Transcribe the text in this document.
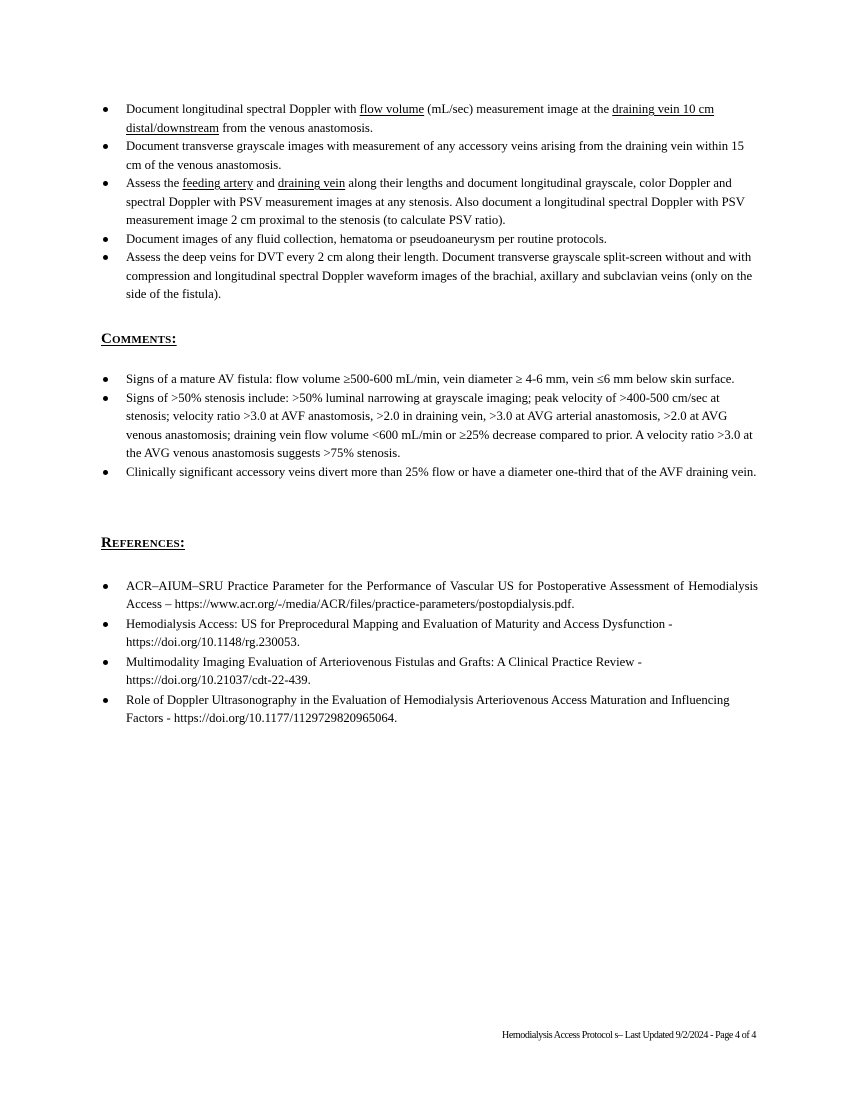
Document longitudinal spectral Doppler with flow volume (mL/sec) measurement image at the draining vein 10 cm distal/downstream from the venous anastomosis.
Document transverse grayscale images with measurement of any accessory veins arising from the draining vein within 15 cm of the venous anastomosis.
Assess the feeding artery and draining vein along their lengths and document longitudinal grayscale, color Doppler and spectral Doppler with PSV measurement images at any stenosis. Also document a longitudinal spectral Doppler with PSV measurement image 2 cm proximal to the stenosis (to calculate PSV ratio).
Document images of any fluid collection, hematoma or pseudoaneurysm per routine protocols.
Assess the deep veins for DVT every 2 cm along their length. Document transverse grayscale split-screen without and with compression and longitudinal spectral Doppler waveform images of the brachial, axillary and subclavian veins (only on the side of the fistula).
Comments:
Signs of a mature AV fistula: flow volume ≥500-600 mL/min, vein diameter ≥ 4-6 mm, vein ≤6 mm below skin surface.
Signs of >50% stenosis include: >50% luminal narrowing at grayscale imaging; peak velocity of >400-500 cm/sec at stenosis; velocity ratio >3.0 at AVF anastomosis, >2.0 in draining vein, >3.0 at AVG arterial anastomosis, >2.0 at AVG venous anastomosis; draining vein flow volume <600 mL/min or ≥25% decrease compared to prior. A velocity ratio >3.0 at the AVG venous anastomosis suggests >75% stenosis.
Clinically significant accessory veins divert more than 25% flow or have a diameter one-third that of the AVF draining vein.
References:
ACR–AIUM–SRU Practice Parameter for the Performance of Vascular US for Postoperative Assessment of Hemodialysis Access – https://www.acr.org/-/media/ACR/files/practice-parameters/postopdialysis.pdf.
Hemodialysis Access: US for Preprocedural Mapping and Evaluation of Maturity and Access Dysfunction - https://doi.org/10.1148/rg.230053.
Multimodality Imaging Evaluation of Arteriovenous Fistulas and Grafts: A Clinical Practice Review - https://doi.org/10.21037/cdt-22-439.
Role of Doppler Ultrasonography in the Evaluation of Hemodialysis Arteriovenous Access Maturation and Influencing Factors - https://doi.org/10.1177/1129729820965064.
Hemodialysis Access Protocol s– Last Updated 9/2/2024 - Page 4 of 4
